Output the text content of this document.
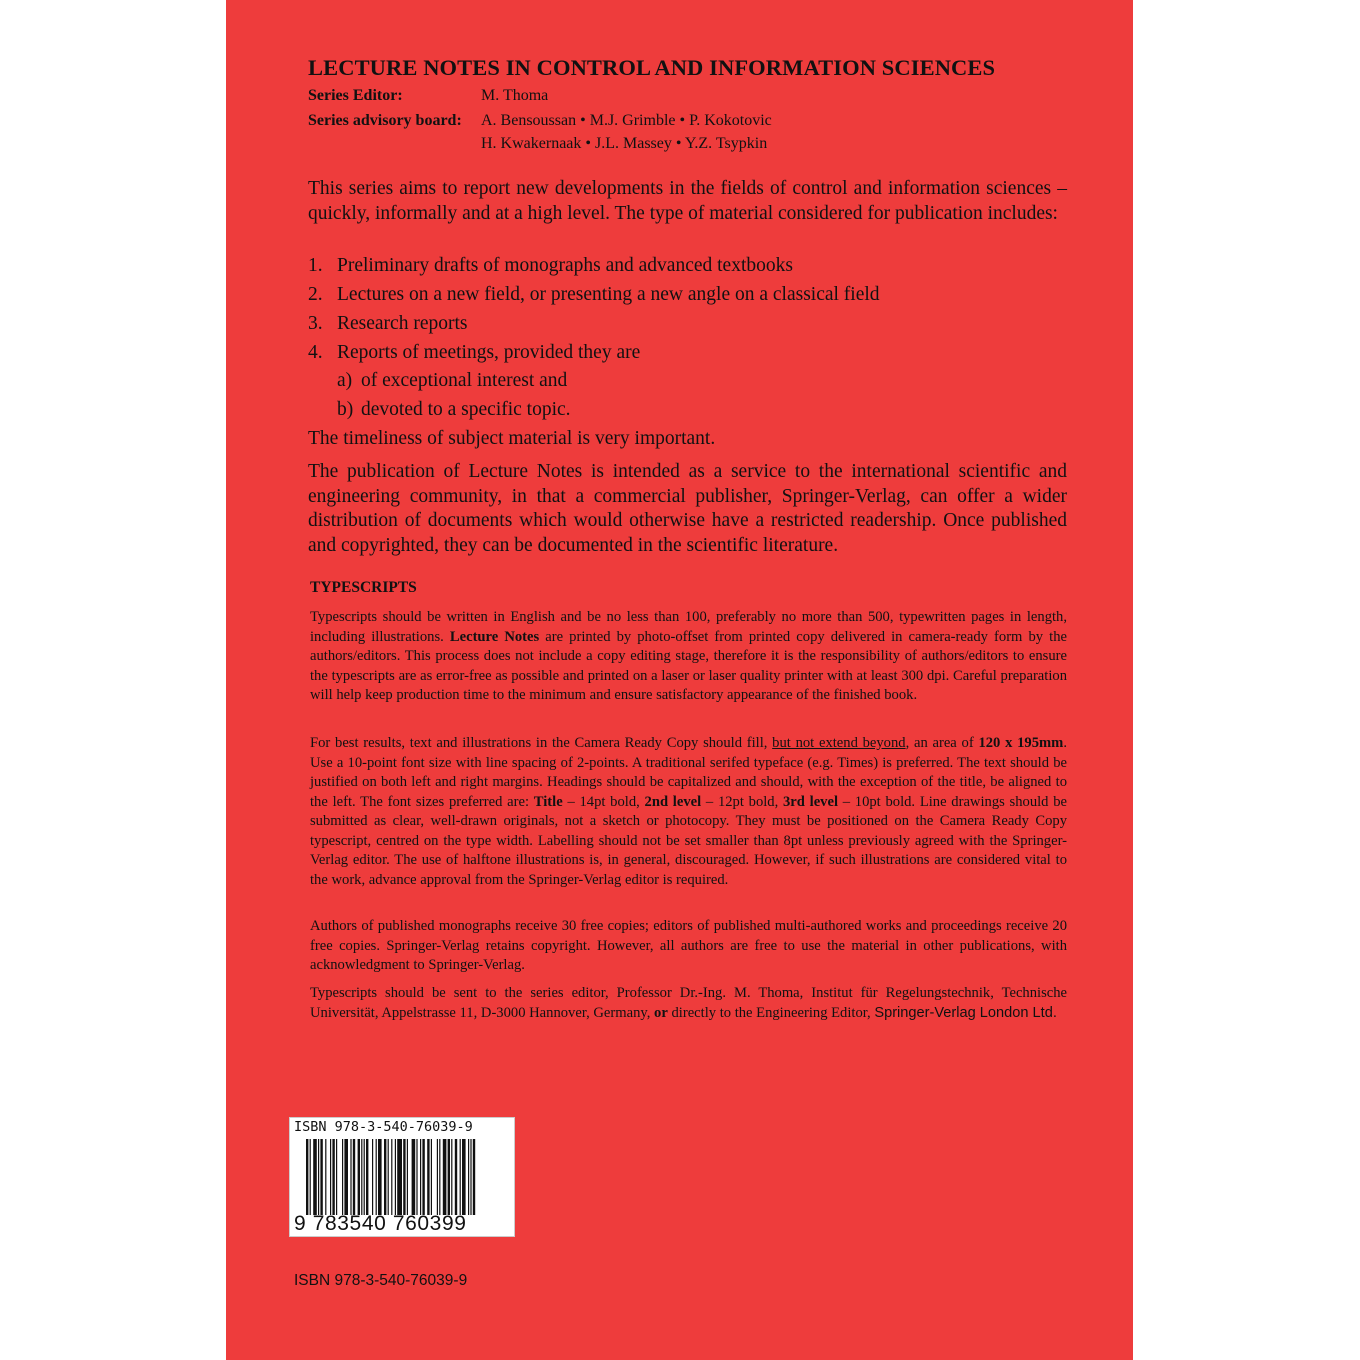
LECTURE NOTES IN CONTROL AND INFORMATION SCIENCES
Series Editor:	M. Thoma
Series advisory board: A. Bensoussan • M.J. Grimble • P. Kokotovic
H. Kwakernaak • J.L. Massey • Y.Z. Tsypkin

This series aims to report new developments in the fields of control and information sciences – quickly, informally and at a high level. The type of material considered for publication includes:

1. Preliminary drafts of monographs and advanced textbooks
2. Lectures on a new field, or presenting a new angle on a classical field
3. Research reports
4. Reports of meetings, provided they are
a) of exceptional interest and
b) devoted to a specific topic.
The timeliness of subject material is very important.

The publication of Lecture Notes is intended as a service to the international scientific and engineering community, in that a commercial publisher, Springer-Verlag, can offer a wider distribution of documents which would otherwise have a restricted readership. Once published and copyrighted, they can be documented in the scientific literature.

TYPESCRIPTS

Typescripts should be written in English and be no less than 100, preferably no more than 500, typewritten pages in length, including illustrations. Lecture Notes are printed by photo-offset from printed copy delivered in camera-ready form by the authors/editors. This process does not include a copy editing stage, therefore it is the responsibility of authors/editors to ensure the typescripts are as error-free as possible and printed on a laser or laser quality printer with at least 300 dpi. Careful preparation will help keep production time to the minimum and ensure satisfactory appearance of the finished book.

For best results, text and illustrations in the Camera Ready Copy should fill, but not extend beyond, an area of 120 x 195mm. Use a 10-point font size with line spacing of 2-points. A traditional serifed typeface (e.g. Times) is preferred. The text should be justified on both left and right margins. Headings should be capitalized and should, with the exception of the title, be aligned to the left. The font sizes preferred are: Title – 14pt bold, 2nd level – 12pt bold, 3rd level – 10pt bold. Line drawings should be submitted as clear, well-drawn originals, not a sketch or photocopy. They must be positioned on the Camera Ready Copy typescript, centred on the type width. Labelling should not be set smaller than 8pt unless previously agreed with the Springer-Verlag editor. The use of halftone illustrations is, in general, discouraged. However, if such illustrations are considered vital to the work, advance approval from the Springer-Verlag editor is required.

Authors of published monographs receive 30 free copies; editors of published multi-authored works and proceedings receive 20 free copies. Springer-Verlag retains copyright. However, all authors are free to use the material in other publications, with acknowledgment to Springer-Verlag.

Typescripts should be sent to the series editor, Professor Dr.-Ing. M. Thoma, Institut für Regelungstechnik, Technische Universität, Appelstrasse 11, D-3000 Hannover, Germany, or directly to the Engineering Editor, Springer-Verlag London Ltd.

ISBN 978-3-540-76039-9
9 783540 760399
ISBN 978-3-540-76039-9
